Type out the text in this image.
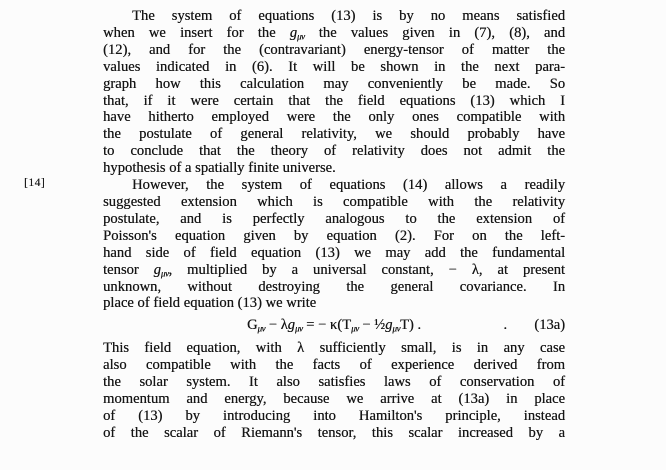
[14]
The system of equations (13) is by no means satisfied
when we insert for the $g_{\mu\nu}$ the values given in (7), (8), and
(12), and for the (contravariant) energy-tensor of matter the
values indicated in (6). It will be shown in the next para-
graph how this calculation may conveniently be made. So
that, if it were certain that the field equations (13) which I
have hitherto employed were the only ones compatible with
the postulate of general relativity, we should probably have
to conclude that the theory of relativity does not admit the
hypothesis of a spatially finite universe.
However, the system of equations (14) allows a readily
suggested extension which is compatible with the relativity
postulate, and is perfectly analogous to the extension of
Poisson's equation given by equation (2). For on the left-
hand side of field equation (13) we may add the fundamental
tensor $g_{\mu\nu}$, multiplied by a universal constant, − λ, at present
unknown, without destroying the general covariance. In
place of field equation (13) we write
$G_{\mu\nu} - \lambda g_{\mu\nu}$ = − $\kappa(T_{\mu\nu}$ − $\frac{1}{2}g_{\mu\nu}T$) .	. (13a)
This field equation, with λ sufficiently small, is in any case
also compatible with the facts of experience derived from
the solar system. It also satisfies laws of conservation of
momentum and energy, because we arrive at (13a) in place
of (13) by introducing into Hamilton's principle, instead
of the scalar of Riemann's tensor, this scalar increased by a
